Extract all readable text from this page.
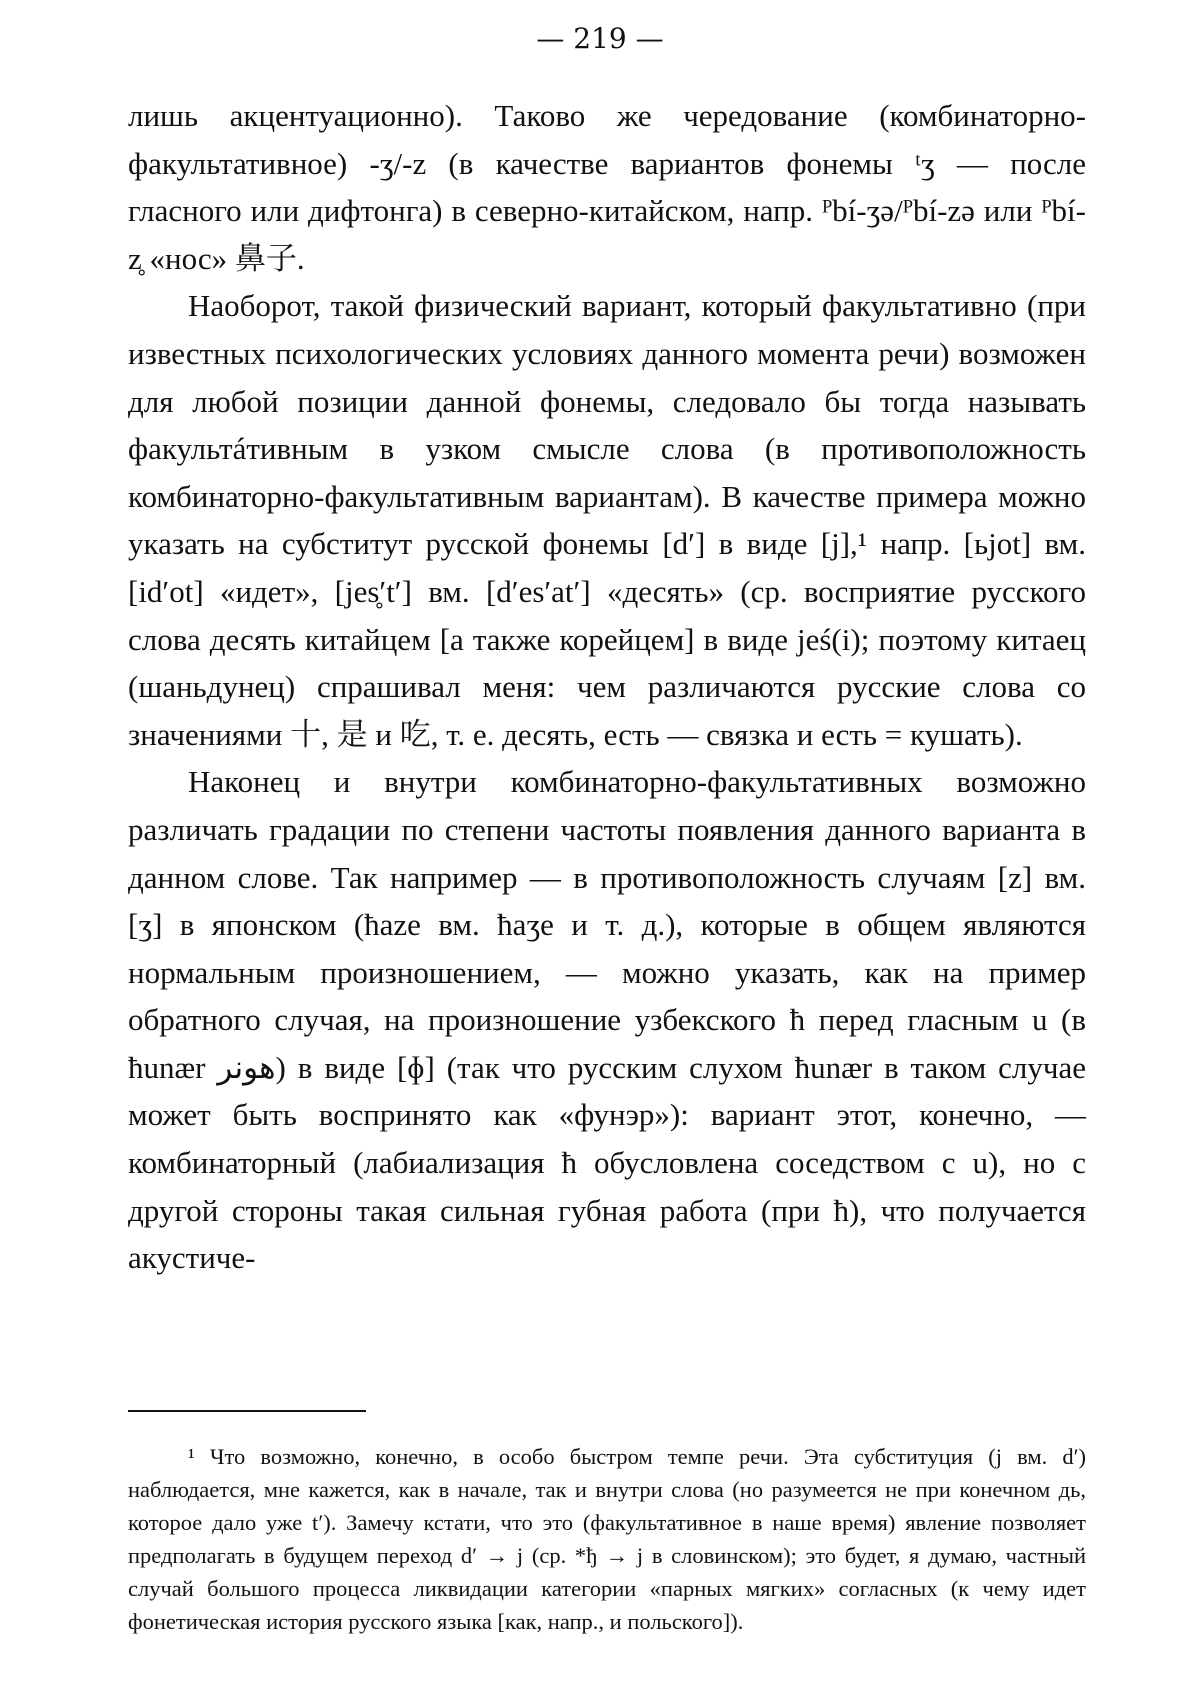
— 219 —

лишь акцентуационно). Таково же чередование (комбинаторно-факультативное) -ʒ/-z (в качестве вариантов фонемы ᵗʒ — после гласного или дифтонга) в северно-китайском, напр. ᴾbí-ʒə/ᴾbí-zə или ᴾbí-z̥ «нос» 鼻子.

Наоборот, такой физический вариант, который факультативно (при известных психологических условиях данного момента речи) возможен для любой позиции данной фонемы, следовало бы тогда называть факультáтивным в узком смысле слова (в противоположность комбинаторно-факультативным вариантам). В качестве примера можно указать на субститут русской фонемы [d′] в виде [j],¹ напр. [ьjot] вм. [id′ot] «идет», [jes̥′t′] вм. [d′es′at′] «десять» (ср. восприятие русского слова десять китайцем [а также корейцем] в виде jeś(i); поэтому китаец (шаньдунец) спрашивал меня: чем различаются русские слова со значениями 十, 是 и 吃, т. е. десять, есть — связка и есть = кушать).

Наконец и внутри комбинаторно-факультативных возможно различать градации по степени частоты появления данного варианта в данном слове. Так например — в противоположность случаям [z] вм. [ʒ] в японском (ħaze вм. ħaʒe и т. д.), которые в общем являются нормальным произношением, — можно указать, как на пример обратного случая, на произношение узбекского ħ перед гласным u (в ħunær هونر) в виде [ɸ] (так что русским слухом ħunær в таком случае может быть воспринято как «фунэр»): вариант этот, конечно, — комбинаторный (лабиализация ħ обусловлена соседством с u), но с другой стороны такая сильная губная работа (при ħ), что получается акустиче-

¹ Что возможно, конечно, в особо быстром темпе речи. Эта субституция (j вм. d′) наблюдается, мне кажется, как в начале, так и внутри слова (но разумеется не при конечном дь, которое дало уже t′). Замечу кстати, что это (факультативное в наше время) явление позволяет предполагать в будущем переход d′ → j (ср. *ђ → j в словинском); это будет, я думаю, частный случай большого процесса ликвидации категории «парных мягких» согласных (к чему идет фонетическая история русского языка [как, напр., и польского]).
